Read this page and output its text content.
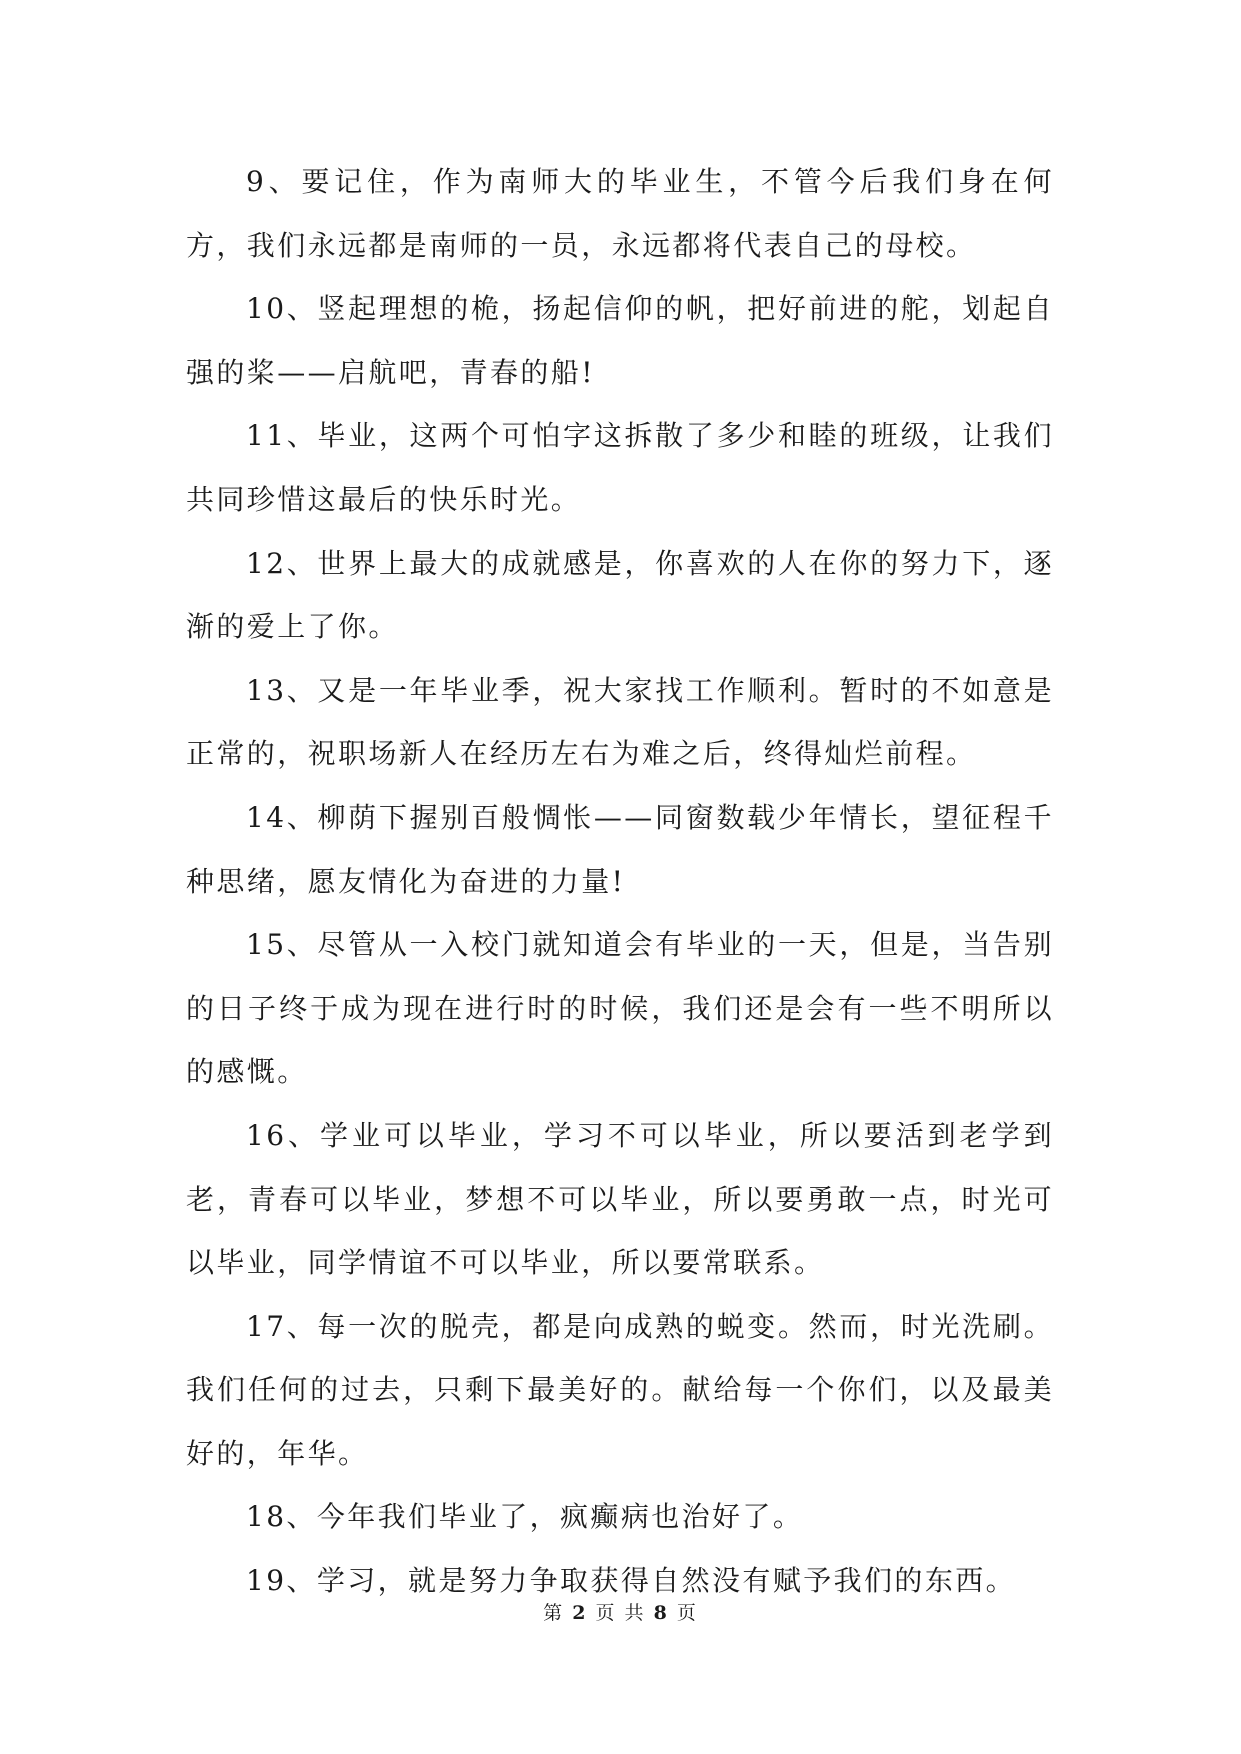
9、要记住，作为南师大的毕业生，不管今后我们身在何方，我们永远都是南师的一员，永远都将代表自己的母校。

10、竖起理想的桅，扬起信仰的帆，把好前进的舵，划起自强的桨——启航吧，青春的船!

11、毕业，这两个可怕字这拆散了多少和睦的班级，让我们共同珍惜这最后的快乐时光。

12、世界上最大的成就感是，你喜欢的人在你的努力下，逐渐的爱上了你。

13、又是一年毕业季，祝大家找工作顺利。暂时的不如意是正常的，祝职场新人在经历左右为难之后，终得灿烂前程。

14、柳荫下握别百般惆怅——同窗数载少年情长，望征程千种思绪，愿友情化为奋进的力量!

15、尽管从一入校门就知道会有毕业的一天，但是，当告别的日子终于成为现在进行时的时候，我们还是会有一些不明所以的感慨。

16、学业可以毕业，学习不可以毕业，所以要活到老学到老，青春可以毕业，梦想不可以毕业，所以要勇敢一点，时光可以毕业，同学情谊不可以毕业，所以要常联系。

17、每一次的脱壳，都是向成熟的蜕变。然而，时光洗刷。我们任何的过去，只剩下最美好的。献给每一个你们，以及最美好的，年华。

18、今年我们毕业了，疯癫病也治好了。

19、学习，就是努力争取获得自然没有赋予我们的东西。

第 2 页 共 8 页
